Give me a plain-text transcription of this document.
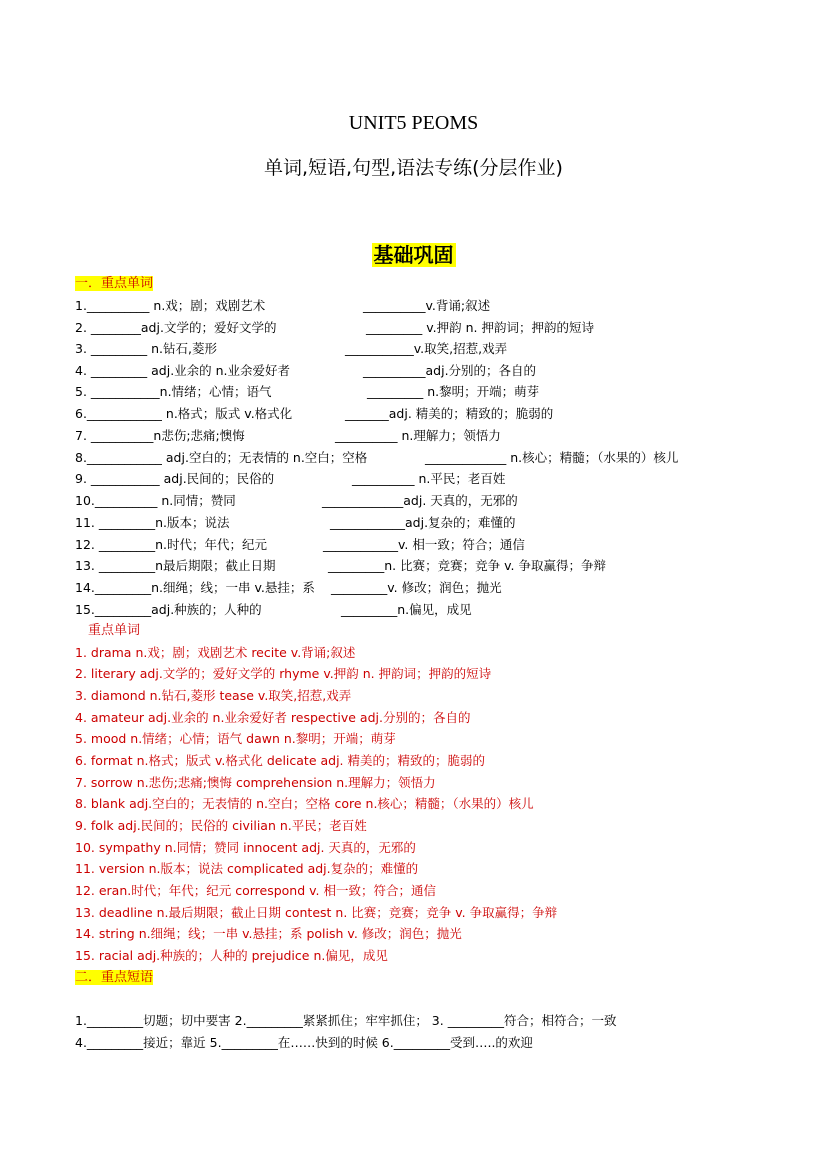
UNIT5 PEOMS
单词,短语,句型,语法专练(分层作业)
基础巩固
一．重点单词
1.__________ n.戏；剧；戏剧艺术	__________v.背诵;叙述
2. ________adj.文学的；爱好文学的	_________ v.押韵 n. 押韵词；押韵的短诗
3. _________ n.钻石,菱形	___________v.取笑,招惹,戏弄
4. _________ adj.业余的 n.业余爱好者	__________adj.分别的；各自的
5. ___________n.情绪；心情；语气	_________ n.黎明；开端；萌芽
6.____________ n.格式；版式 v.格式化	_______adj. 精美的；精致的；脆弱的
7. __________n悲伤;悲痛;懊悔	__________ n.理解力；领悟力
8.____________ adj.空白的；无表情的 n.空白；空格	_____________ n.核心；精髓；（水果的）核儿
9. ___________ adj.民间的；民俗的	__________ n.平民；老百姓
10.__________ n.同情；赞同	_____________adj. 天真的，无邪的
11. _________n.版本；说法	____________adj.复杂的；难懂的
12. _________n.时代；年代；纪元	____________v. 相一致；符合；通信
13. _________n最后期限；截止日期	_________n. 比赛；竞赛；竞争 v. 争取赢得；争辩
14._________n.细绳；线；一串 v.悬挂；系 _________v. 修改；润色；抛光
15._________adj.种族的；人种的	_________n.偏见，成见
重点单词
1. drama n.戏；剧；戏剧艺术 recite v.背诵;叙述
2. literary adj.文学的；爱好文学的 rhyme v.押韵 n. 押韵词；押韵的短诗
3. diamond n.钻石,菱形 tease v.取笑,招惹,戏弄
4. amateur adj.业余的 n.业余爱好者 respective adj.分别的；各自的
5. mood n.情绪；心情；语气 dawn n.黎明；开端；萌芽
6. format n.格式；版式 v.格式化 delicate adj. 精美的；精致的；脆弱的
7. sorrow n.悲伤;悲痛;懊悔 comprehension n.理解力；领悟力
8. blank adj.空白的；无表情的 n.空白；空格 core n.核心；精髓；（水果的）核儿
9. folk adj.民间的；民俗的 civilian n.平民；老百姓
10. sympathy n.同情；赞同 innocent adj. 天真的，无邪的
11. version n.版本；说法 complicated adj.复杂的；难懂的
12. eran.时代；年代；纪元 correspond v. 相一致；符合；通信
13. deadline n.最后期限；截止日期 contest n. 比赛；竞赛；竞争 v. 争取赢得；争辩
14. string n.细绳；线；一串 v.悬挂；系 polish v. 修改；润色；抛光
15. racial adj.种族的；人种的 prejudice n.偏见，成见
二．重点短语
1._________切题；切中要害 2._________紧紧抓住；牢牢抓住； 3. _________符合；相符合；一致
4._________接近；靠近 5._________在……快到的时候 6._________受到…..的欢迎
